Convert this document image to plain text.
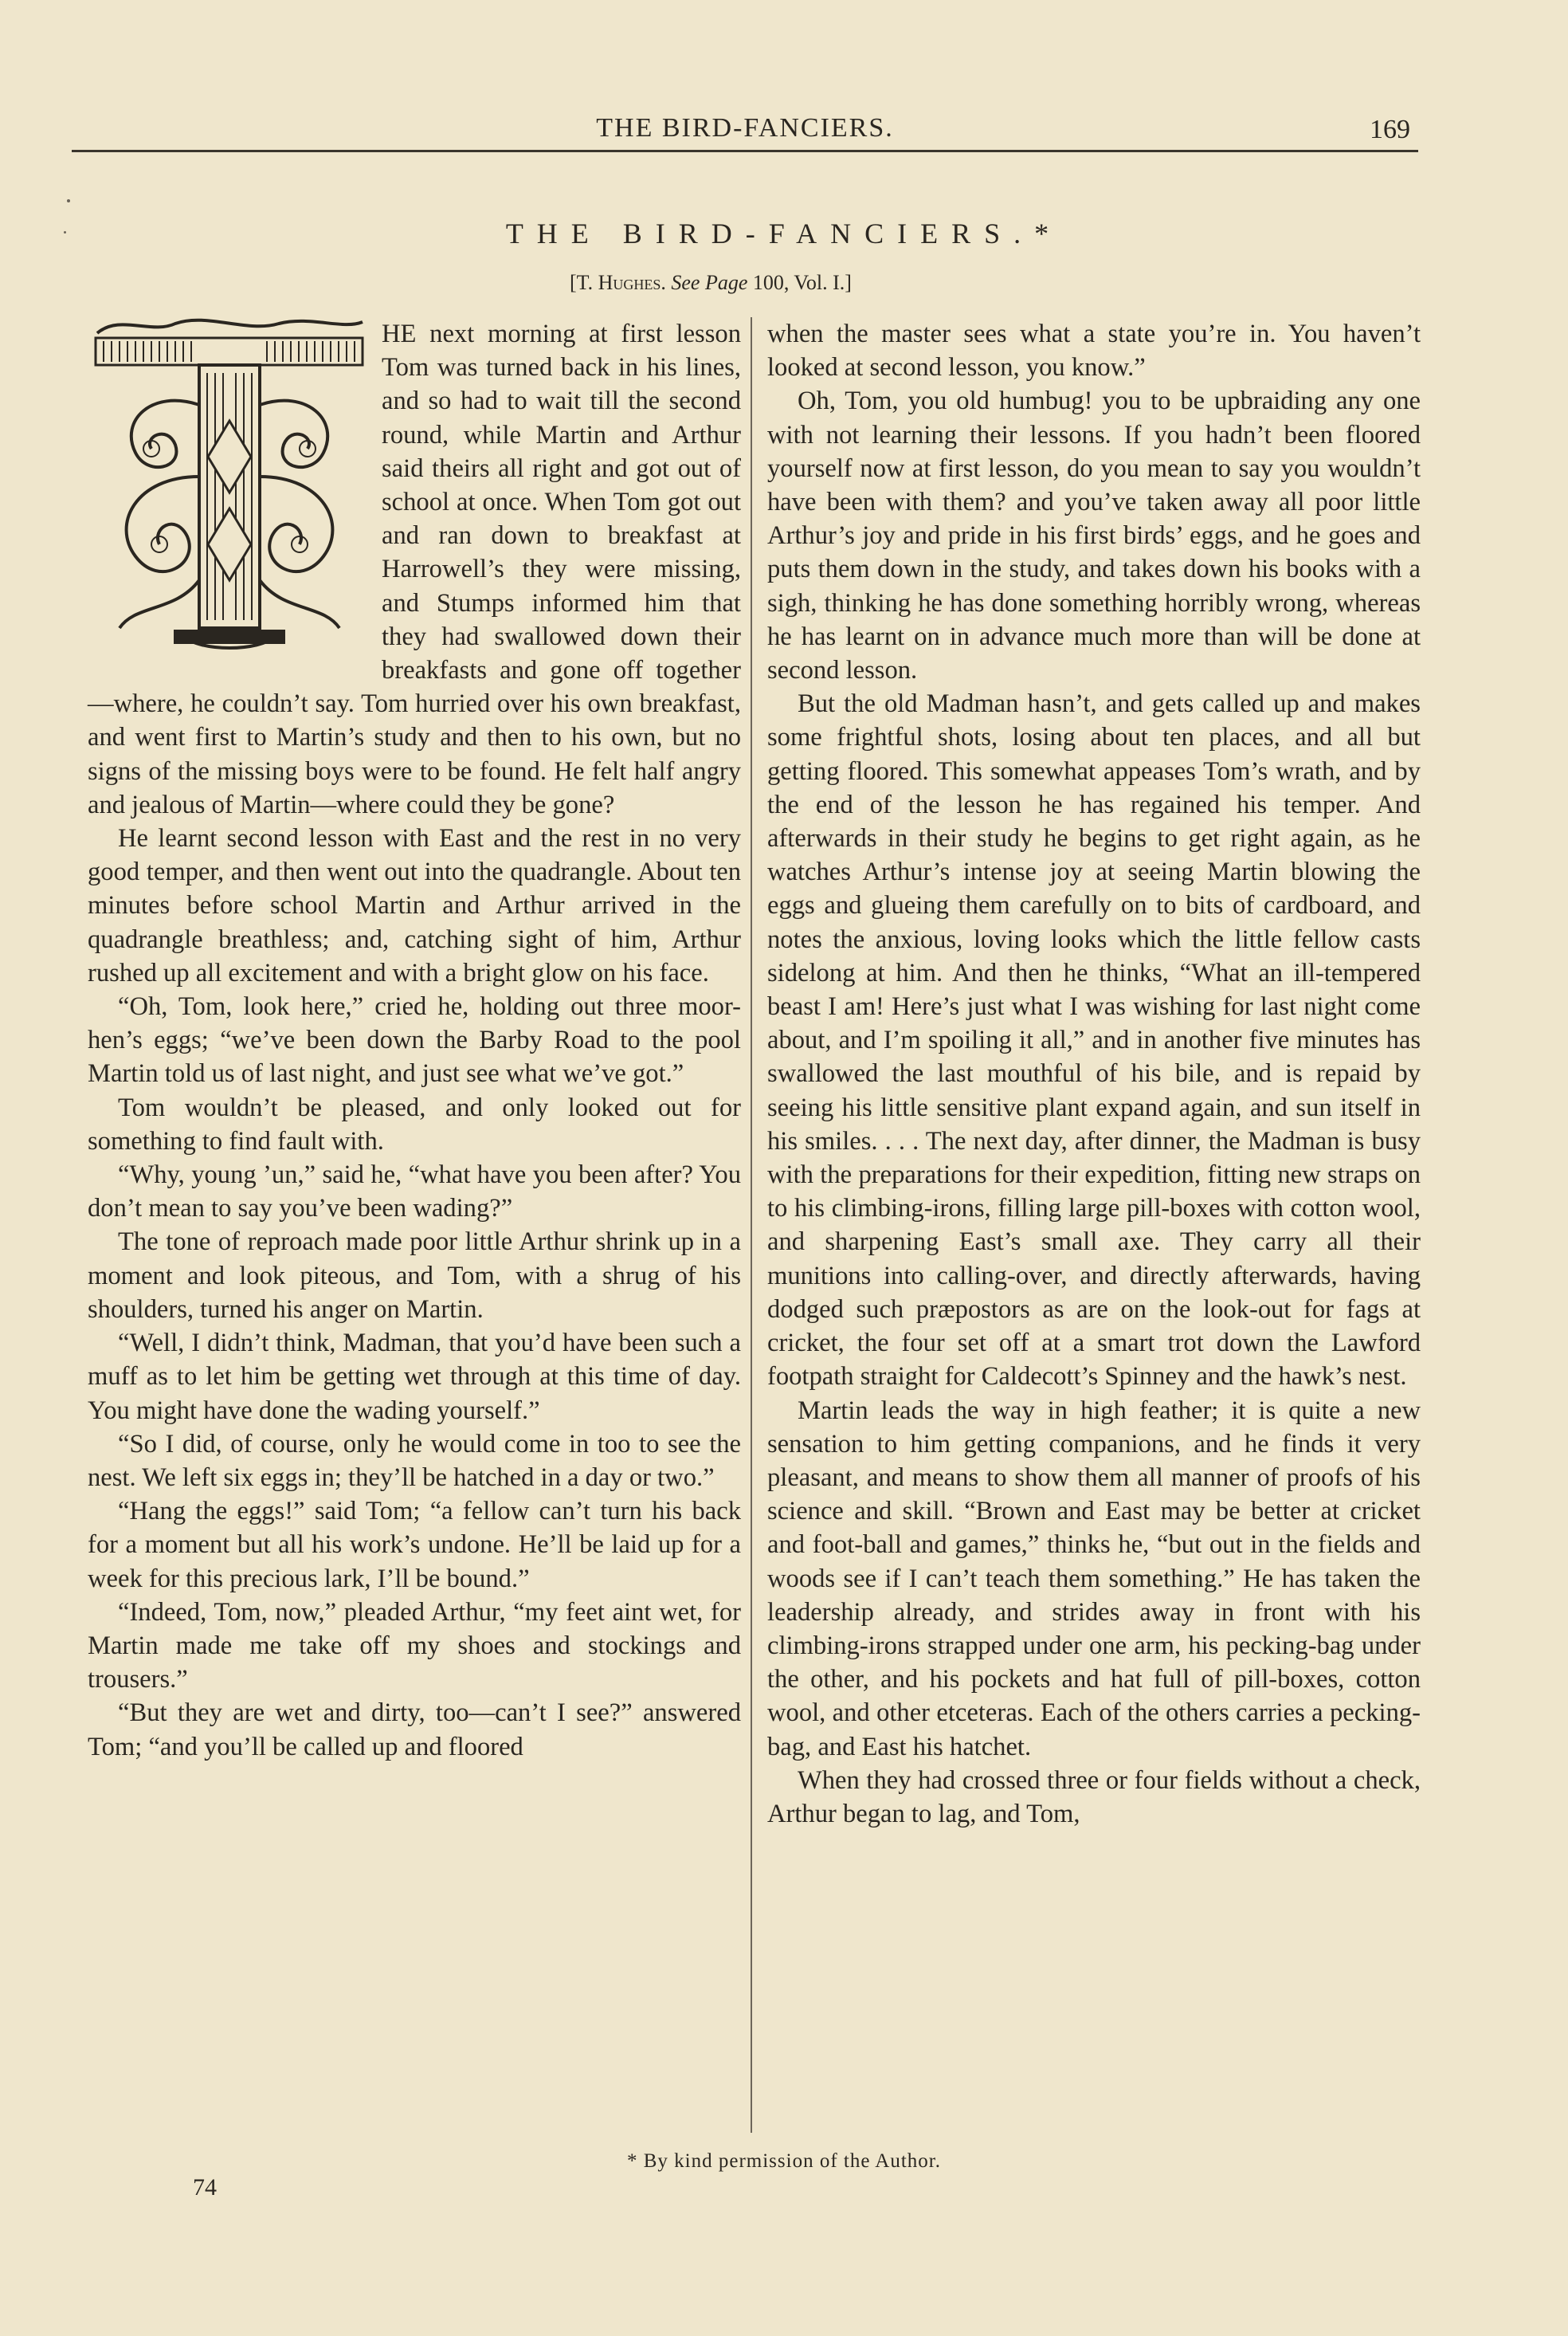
THE BIRD-FANCIERS.	169
THE BIRD-FANCIERS.*
[T. Hughes. See Page 100, Vol. I.]

HE next morning at first lesson Tom was turned back in his lines, and so had to wait till the second round, while Martin and Arthur said theirs all right and got out of school at once. When Tom got out and ran down to breakfast at Harrowell’s they were missing, and Stumps informed him that they had swallowed down their breakfasts and gone off together—where, he couldn’t say. Tom hurried over his own breakfast, and went first to Martin’s study and then to his own, but no signs of the missing boys were to be found. He felt half angry and jealous of Martin—where could they be gone?

He learnt second lesson with East and the rest in no very good temper, and then went out into the quadrangle. About ten minutes before school Martin and Arthur arrived in the quadrangle breathless; and, catching sight of him, Arthur rushed up all excitement and with a bright glow on his face.

“Oh, Tom, look here,” cried he, holding out three moor-hen’s eggs; “we’ve been down the Barby Road to the pool Martin told us of last night, and just see what we’ve got.”

Tom wouldn’t be pleased, and only looked out for something to find fault with.

“Why, young ’un,” said he, “what have you been after? You don’t mean to say you’ve been wading?”

The tone of reproach made poor little Arthur shrink up in a moment and look piteous, and Tom, with a shrug of his shoulders, turned his anger on Martin.

“Well, I didn’t think, Madman, that you’d have been such a muff as to let him be getting wet through at this time of day. You might have done the wading yourself.”

“So I did, of course, only he would come in too to see the nest. We left six eggs in; they’ll be hatched in a day or two.”

“Hang the eggs!” said Tom; “a fellow can’t turn his back for a moment but all his work’s undone. He’ll be laid up for a week for this precious lark, I’ll be bound.”

“Indeed, Tom, now,” pleaded Arthur, “my feet aint wet, for Martin made me take off my shoes and stockings and trousers.”

“But they are wet and dirty, too—can’t I see?” answered Tom; “and you’ll be called up and floored

when the master sees what a state you’re in. You haven’t looked at second lesson, you know.”

Oh, Tom, you old humbug! you to be upbraiding any one with not learning their lessons. If you hadn’t been floored yourself now at first lesson, do you mean to say you wouldn’t have been with them? and you’ve taken away all poor little Arthur’s joy and pride in his first birds’ eggs, and he goes and puts them down in the study, and takes down his books with a sigh, thinking he has done something horribly wrong, whereas he has learnt on in advance much more than will be done at second lesson.

But the old Madman hasn’t, and gets called up and makes some frightful shots, losing about ten places, and all but getting floored. This somewhat appeases Tom’s wrath, and by the end of the lesson he has regained his temper. And afterwards in their study he begins to get right again, as he watches Arthur’s intense joy at seeing Martin blowing the eggs and glueing them carefully on to bits of cardboard, and notes the anxious, loving looks which the little fellow casts sidelong at him. And then he thinks, “What an ill-tempered beast I am! Here’s just what I was wishing for last night come about, and I’m spoiling it all,” and in another five minutes has swallowed the last mouthful of his bile, and is repaid by seeing his little sensitive plant expand again, and sun itself in his smiles. . . . The next day, after dinner, the Madman is busy with the preparations for their expedition, fitting new straps on to his climbing-irons, filling large pill-boxes with cotton wool, and sharpening East’s small axe. They carry all their munitions into calling-over, and directly afterwards, having dodged such præpostors as are on the look-out for fags at cricket, the four set off at a smart trot down the Lawford footpath straight for Caldecott’s Spinney and the hawk’s nest.

Martin leads the way in high feather; it is quite a new sensation to him getting companions, and he finds it very pleasant, and means to show them all manner of proofs of his science and skill. “Brown and East may be better at cricket and foot-ball and games,” thinks he, “but out in the fields and woods see if I can’t teach them something.” He has taken the leadership already, and strides away in front with his climbing-irons strapped under one arm, his pecking-bag under the other, and his pockets and hat full of pill-boxes, cotton wool, and other etceteras. Each of the others carries a pecking-bag, and East his hatchet.

When they had crossed three or four fields without a check, Arthur began to lag, and Tom,

* By kind permission of the Author.
74
